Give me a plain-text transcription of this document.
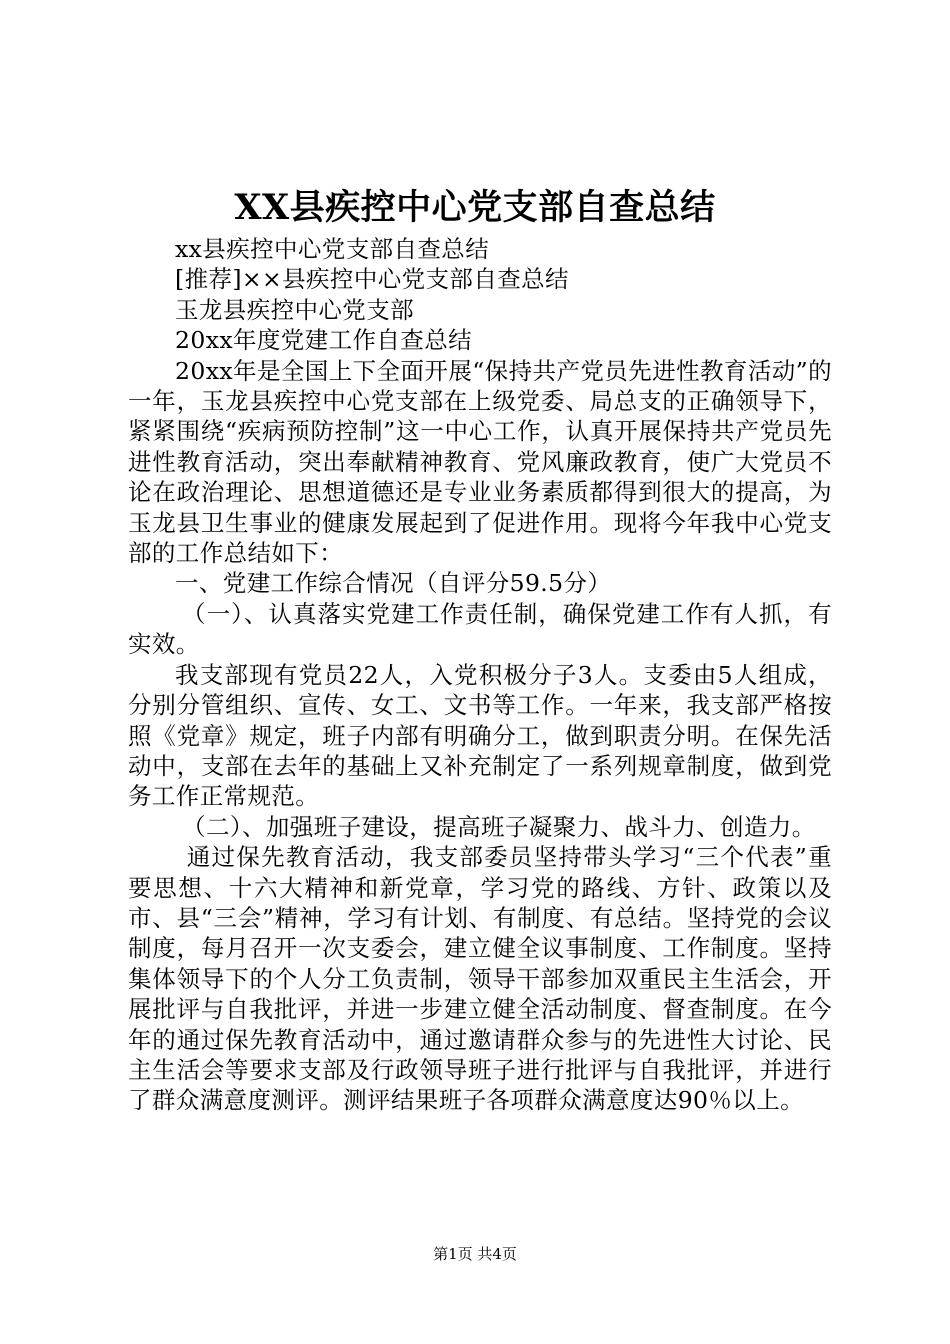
XX县疾控中心党支部自查总结

xx县疾控中心党支部自查总结

[推荐]××县疾控中心党支部自查总结

玉龙县疾控中心党支部

20xx年度党建工作自查总结

20xx年是全国上下全面开展“保持共产党员先进性教育活动”的一年，玉龙县疾控中心党支部在上级党委、局总支的正确领导下，紧紧围绕“疾病预防控制”这一中心工作，认真开展保持共产党员先进性教育活动，突出奉献精神教育、党风廉政教育，使广大党员不论在政治理论、思想道德还是专业业务素质都得到很大的提高，为玉龙县卫生事业的健康发展起到了促进作用。现将今年我中心党支部的工作总结如下：

一、党建工作综合情况（自评分59.5分）

（一）、认真落实党建工作责任制，确保党建工作有人抓，有实效。

我支部现有党员22人，入党积极分子3人。支委由5人组成，分别分管组织、宣传、女工、文书等工作。一年来，我支部严格按照《党章》规定，班子内部有明确分工，做到职责分明。在保先活动中，支部在去年的基础上又补充制定了一系列规章制度，做到党务工作正常规范。

（二）、加强班子建设，提高班子凝聚力、战斗力、创造力。

通过保先教育活动，我支部委员坚持带头学习“三个代表”重要思想、十六大精神和新党章，学习党的路线、方针、政策以及市、县“三会”精神，学习有计划、有制度、有总结。坚持党的会议制度，每月召开一次支委会，建立健全议事制度、工作制度。坚持集体领导下的个人分工负责制，领导干部参加双重民主生活会，开展批评与自我批评，并进一步建立健全活动制度、督查制度。在今年的通过保先教育活动中，通过邀请群众参与的先进性大讨论、民主生活会等要求支部及行政领导班子进行批评与自我批评，并进行了群众满意度测评。测评结果班子各项群众满意度达90％以上。

第1页 共4页
